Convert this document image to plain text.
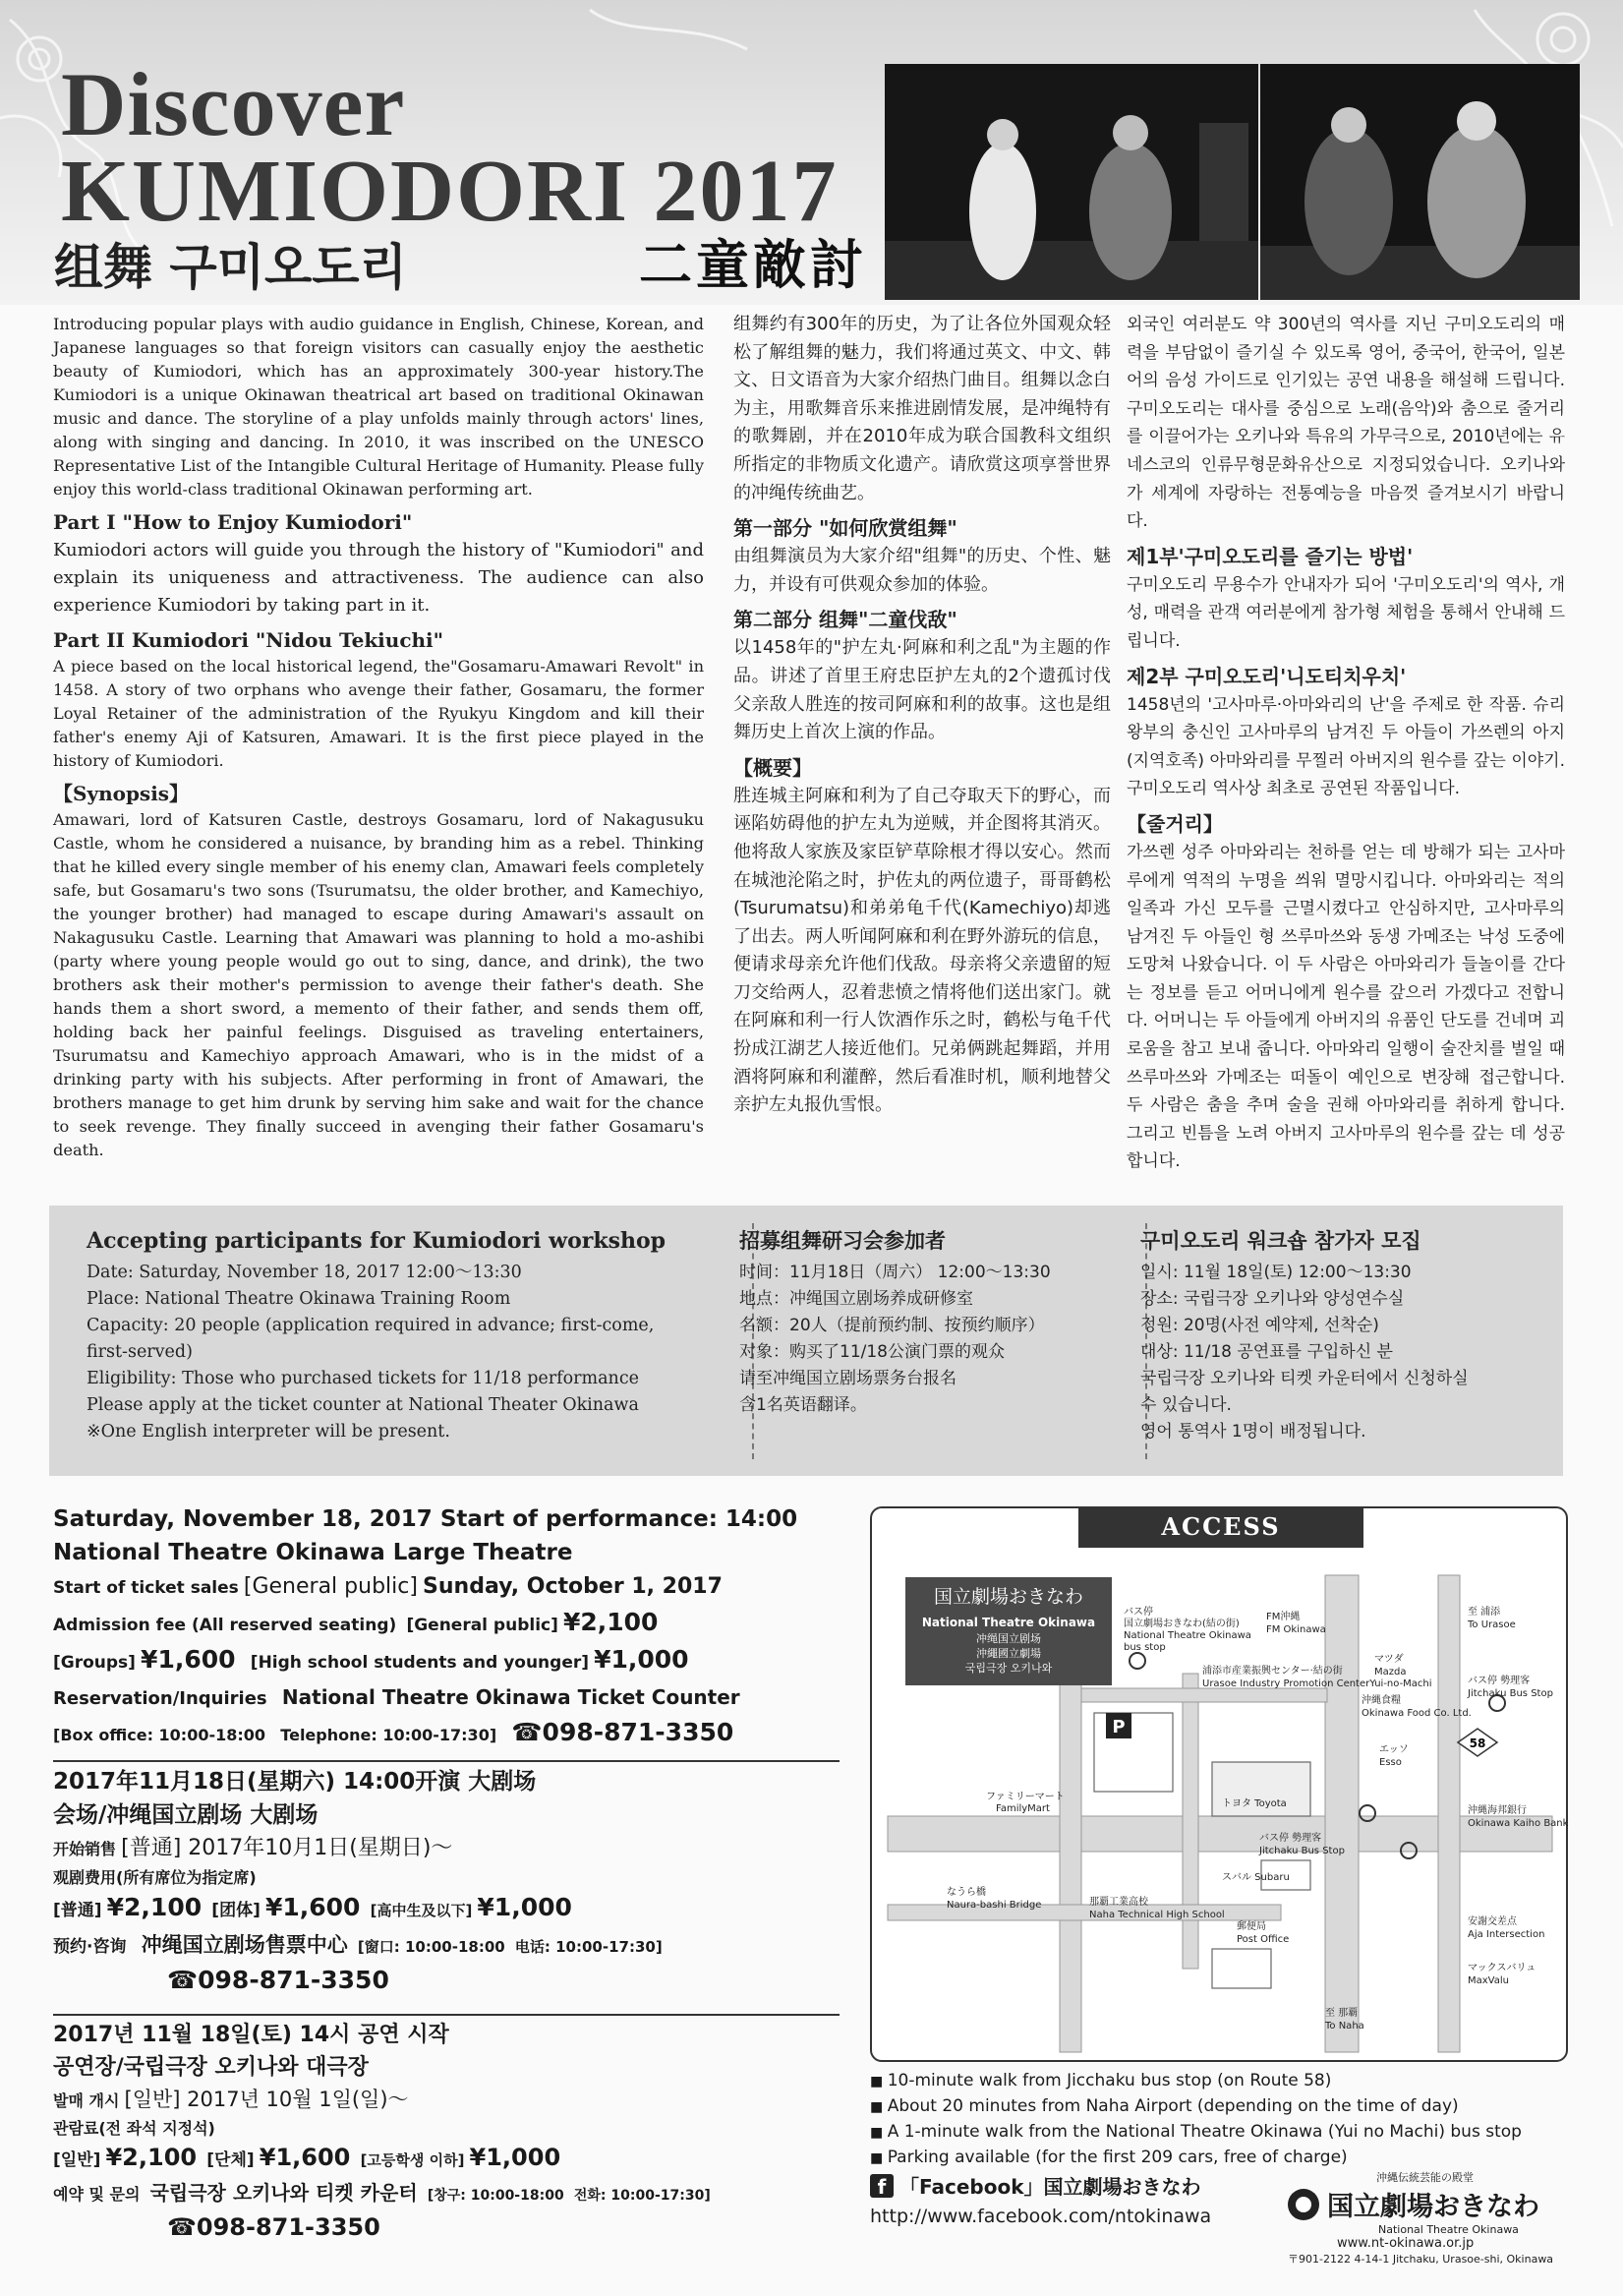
Discover
KUMIODORI 2017
组舞 구미오도리	二童敵討

Introducing popular plays with audio guidance in English, Chinese, Korean, and Japanese languages so that foreign visitors can casually enjoy the aesthetic beauty of Kumiodori, which has an approximately 300-year history.The Kumiodori is a unique Okinawan theatrical art based on traditional Okinawan music and dance. The storyline of a play unfolds mainly through actors' lines, along with singing and dancing. In 2010, it was inscribed on the UNESCO Representative List of the Intangible Cultural Heritage of Humanity. Please fully enjoy this world-class traditional Okinawan performing art.

Part I "How to Enjoy Kumiodori"

Kumiodori actors will guide you through the history of "Kumiodori" and explain its uniqueness and attractiveness. The audience can also experience Kumiodori by taking part in it.

Part II Kumiodori "Nidou Tekiuchi"

A piece based on the local historical legend, the"Gosamaru-Amawari Revolt" in 1458. A story of two orphans who avenge their father, Gosamaru, the former Loyal Retainer of the administration of the Ryukyu Kingdom and kill their father's enemy Aji of Katsuren, Amawari. It is the first piece played in the history of Kumiodori.

【Synopsis】

Amawari, lord of Katsuren Castle, destroys Gosamaru, lord of Nakagusuku Castle, whom he considered a nuisance, by branding him as a rebel. Thinking that he killed every single member of his enemy clan, Amawari feels completely safe, but Gosamaru's two sons (Tsurumatsu, the older brother, and Kamechiyo, the younger brother) had managed to escape during Amawari's assault on Nakagusuku Castle. Learning that Amawari was planning to hold a mo-ashibi (party where young people would go out to sing, dance, and drink), the two brothers ask their mother's permission to avenge their father's death. She hands them a short sword, a memento of their father, and sends them off, holding back her painful feelings. Disguised as traveling entertainers, Tsurumatsu and Kamechiyo approach Amawari, who is in the midst of a drinking party with his subjects. After performing in front of Amawari, the brothers manage to get him drunk by serving him sake and wait for the chance to seek revenge. They finally succeed in avenging their father Gosamaru's death.

组舞约有300年的历史，为了让各位外国观众轻松了解组舞的魅力，我们将通过英文、中文、韩文、日文语音为大家介绍热门曲目。组舞以念白为主，用歌舞音乐来推进剧情发展，是冲绳特有的歌舞剧，并在2010年成为联合国教科文组织所指定的非物质文化遗产。请欣赏这项享誉世界的冲绳传统曲艺。

第一部分 "如何欣赏组舞"

由组舞演员为大家介绍"组舞"的历史、个性、魅力，并设有可供观众参加的体验。

第二部分 组舞"二童伐敌"

以1458年的"护左丸·阿麻和利之乱"为主题的作品。讲述了首里王府忠臣护左丸的2个遗孤讨伐父亲敌人胜连的按司阿麻和利的故事。这也是组舞历史上首次上演的作品。

【概要】

胜连城主阿麻和利为了自己夺取天下的野心，而诬陷妨碍他的护左丸为逆贼，并企图将其消灭。他将敌人家族及家臣铲草除根才得以安心。然而在城池沦陷之时，护佐丸的两位遗子，哥哥鹤松(Tsurumatsu)和弟弟龟千代(Kamechiyo)却逃了出去。两人听闻阿麻和利在野外游玩的信息，便请求母亲允许他们伐敌。母亲将父亲遗留的短刀交给两人，忍着悲愤之情将他们送出家门。就在阿麻和利一行人饮酒作乐之时，鹤松与龟千代扮成江湖艺人接近他们。兄弟俩跳起舞蹈，并用酒将阿麻和利灌醉，然后看准时机，顺利地替父亲护左丸报仇雪恨。

외국인 여러분도 약 300년의 역사를 지닌 구미오도리의 매력을 부담없이 즐기실 수 있도록 영어, 중국어, 한국어, 일본어의 음성 가이드로 인기있는 공연 내용을 해설해 드립니다.구미오도리는 대사를 중심으로 노래(음악)와 춤으로 줄거리를 이끌어가는 오키나와 특유의 가무극으로, 2010년에는 유네스코의 인류무형문화유산으로 지정되었습니다. 오키나와가 세계에 자랑하는 전통예능을 마음껏 즐겨보시기 바랍니다.

제1부'구미오도리를 즐기는 방법'

구미오도리 무용수가 안내자가 되어 '구미오도리'의 역사, 개성, 매력을 관객 여러분에게 참가형 체험을 통해서 안내해 드립니다.

제2부 구미오도리'니도티치우치'

1458년의 '고사마루·아마와리의 난'을 주제로 한 작품. 슈리왕부의 충신인 고사마루의 남겨진 두 아들이 가쓰렌의 아지(지역호족) 아마와리를 무찔러 아버지의 원수를 갚는 이야기. 구미오도리 역사상 최초로 공연된 작품입니다.

【줄거리】

가쓰렌 성주 아마와리는 천하를 얻는 데 방해가 되는 고사마루에게 역적의 누명을 씌워 멸망시킵니다. 아마와리는 적의 일족과 가신 모두를 근멸시켰다고 안심하지만, 고사마루의 남겨진 두 아들인 형 쓰루마쓰와 동생 가메조는 낙성 도중에 도망쳐 나왔습니다. 이 두 사람은 아마와리가 들놀이를 간다는 정보를 듣고 어머니에게 원수를 갚으러 가겠다고 전합니다. 어머니는 두 아들에게 아버지의 유품인 단도를 건네며 괴로움을 참고 보내 줍니다. 아마와리 일행이 술잔치를 벌일 때 쓰루마쓰와 가메조는 떠돌이 예인으로 변장해 접근합니다. 두 사람은 춤을 추며 술을 권해 아마와리를 취하게 합니다. 그리고 빈틈을 노려 아버지 고사마루의 원수를 갚는 데 성공합니다.

Accepting participants for Kumiodori workshop
Date: Saturday, November 18, 2017 12:00～13:30
Place: National Theatre Okinawa Training Room
Capacity: 20 people (application required in advance; first-come,
first-served)
Eligibility: Those who purchased tickets for 11/18 performance
Please apply at the ticket counter at National Theater Okinawa
※One English interpreter will be present.
招募组舞研习会参加者
时间：11月18日（周六） 12:00～13:30
地点：冲绳国立剧场养成研修室
名额：20人（提前预约制、按预约顺序）
对象：购买了11/18公演门票的观众
请至冲绳国立剧场票务台报名
含1名英语翻译。
구미오도리 워크숍 참가자 모집
일시: 11월 18일(토) 12:00～13:30
장소: 국립극장 오키나와 양성연수실
정원: 20명(사전 예약제, 선착순)
대상: 11/18 공연표를 구입하신 분
국립극장 오키나와 티켓 카운터에서 신청하실
수 있습니다.
영어 통역사 1명이 배정됩니다.
Saturday, November 18, 2017 Start of performance: 14:00
National Theatre Okinawa Large Theatre
Start of ticket sales [General public] Sunday, October 1, 2017
Admission fee (All reserved seating) [General public] ¥2,100
[Groups] ¥1,600 [High school students and younger] ¥1,000
Reservation/Inquiries National Theatre Okinawa Ticket Counter
[Box office: 10:00-18:00 Telephone: 10:00-17:30] ☎098-871-3350
2017年11月18日(星期六) 14:00开演 大剧场
会场/冲绳国立剧场 大剧场
开始销售 [普通] 2017年10月1日(星期日)～
观剧费用(所有席位为指定席)
[普通] ¥2,100 [团体] ¥1,600 [高中生及以下] ¥1,000
预约·咨询 冲绳国立剧场售票中心 [窗口: 10:00-18:00 电话: 10:00-17:30]
☎098-871-3350
2017년 11월 18일(토) 14시 공연 시작
공연장/국립극장 오키나와 대극장
발매 개시 [일반] 2017년 10월 1일(일)～
관람료(전 좌석 지정석)
[일반] ¥2,100 [단체] ¥1,600 [고등학생 이하] ¥1,000
예약 및 문의 국립극장 오키나와 티켓 카운터 [창구: 10:00-18:00 전화: 10:00-17:30]
☎098-871-3350
ACCESS
国立劇場おきなわ
National Theatre Okinawa
冲绳国立剧场
沖繩國立劇場
국립극장 오키나와
P
58
バス停国立劇場おきなわ(結の街) National Theatre Okinawa bus stop
FM沖縄
FM Okinawa
至 浦添
To Urasoe
マツダ
Mazda
浦添市産業振興センター·結の街
Urasoe Industry Promotion CenterYui-no-Machi
沖縄食糧
Okinawa Food Co. Ltd.
エッソ
Esso
バス停 勢理客
Jitchaku Bus Stop
ファミリーマート
FamilyMart	トヨタ Toyota
沖縄海邦銀行
Okinawa Kaiho Bank
バス停 勢理客
Jitchaku Bus Stop
スバル Subaru
なうら橋
Naura-bashi Bridge	那覇工業高校
Naha Technical High School
郵便局
Post Office
安謝交差点
Aja Intersection
マックスバリュ
MaxValu
至 那覇
To Naha
■ 10-minute walk from Jicchaku bus stop (on Route 58)
■ About 20 minutes from Naha Airport (depending on the time of day)
■ A 1-minute walk from the National Theatre Okinawa (Yui no Machi) bus stop
■ Parking available (for the first 209 cars, free of charge)
f 「Facebook」国立劇場おきなわ
http://www.facebook.com/ntokinawa
沖縄伝統芸能の殿堂
国立劇場おきなわ
National Theatre Okinawa
www.nt-okinawa.or.jp
〒901-2122 4-14-1 Jitchaku, Urasoe-shi, Okinawa
